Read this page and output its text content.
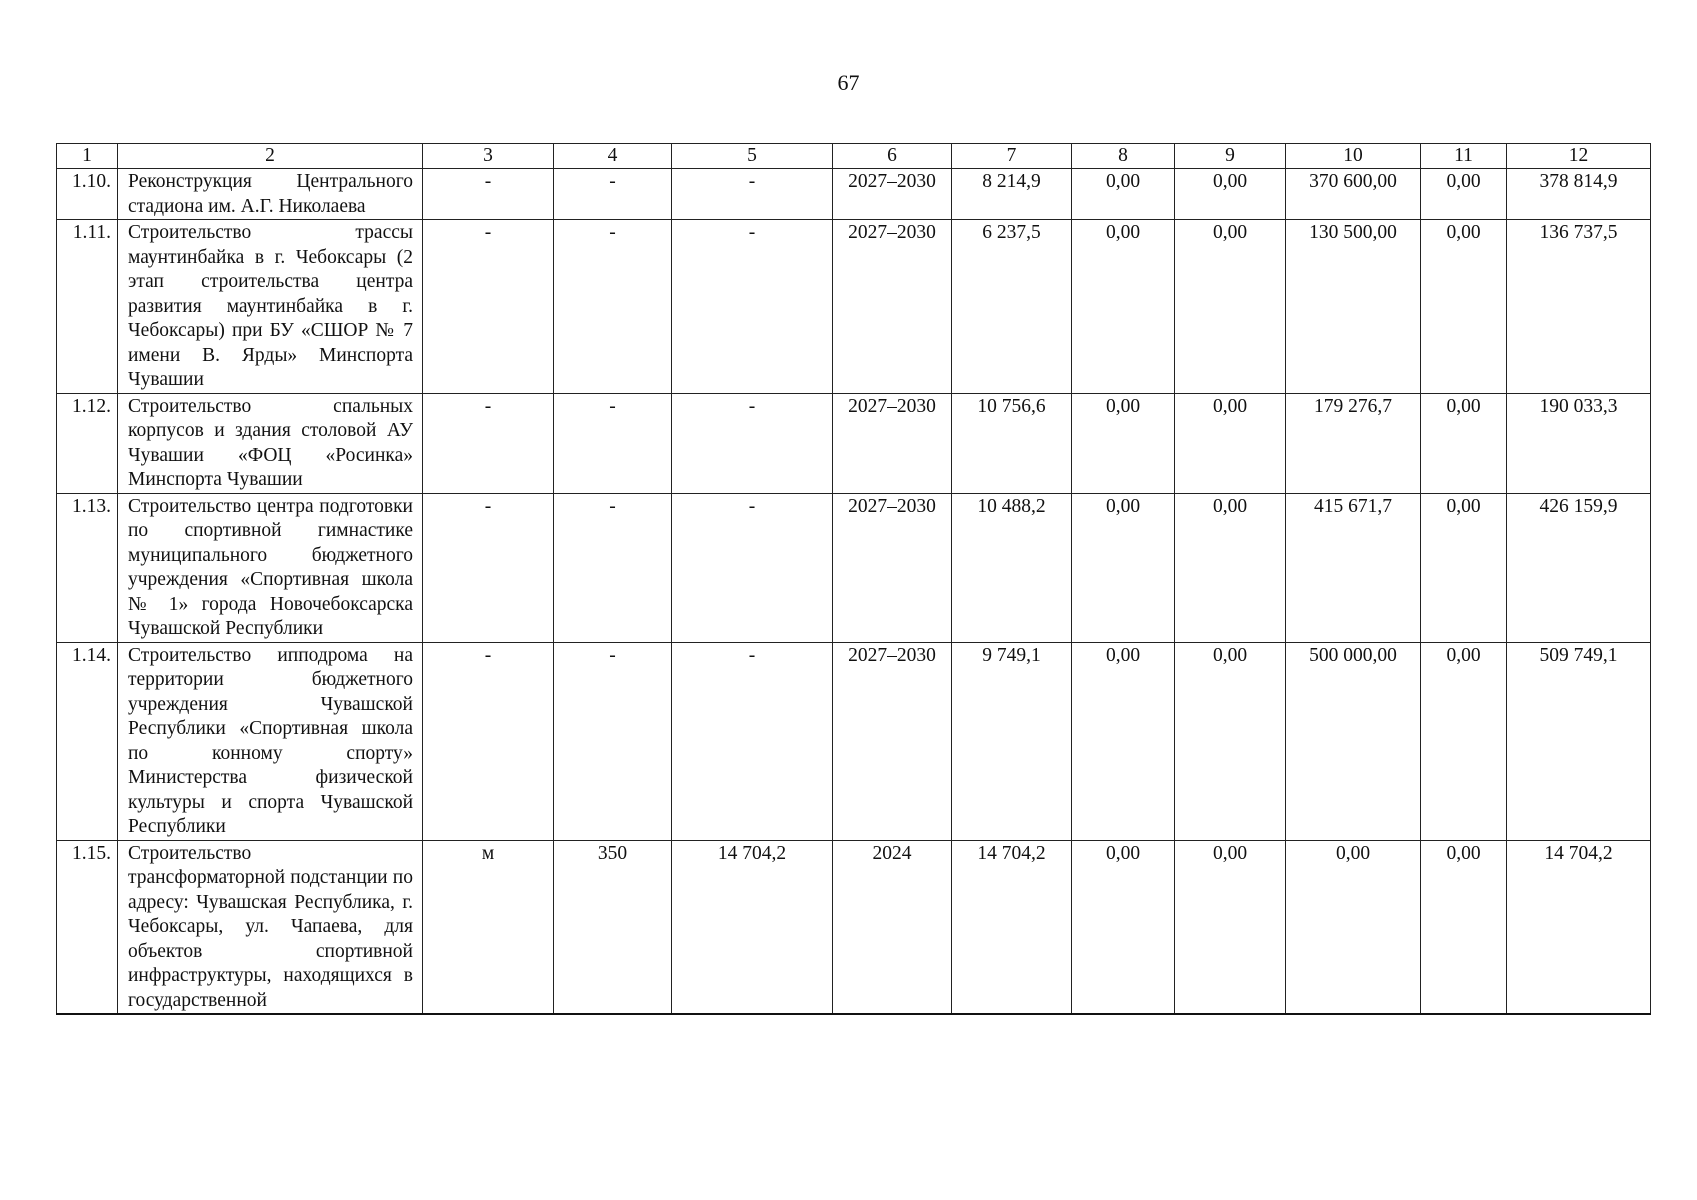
67
1	2	3	4	5	6	7	8	9	10	11	12
1.10.	Реконструкция Центрального стадиона им. А.Г. Николаева	-	-	-	2027–2030	8 214,9	0,00	0,00	370 600,00	0,00	378 814,9
1.11.	Строительство трассы маунтинбайка в г. Чебоксары (2 этап строительства центра развития маунтинбайка в г. Чебоксары) при БУ «СШОР № 7 имени В. Ярды» Минспорта Чувашии	-	-	-	2027–2030	6 237,5	0,00	0,00	130 500,00	0,00	136 737,5
1.12.	Строительство спальных корпусов и здания столовой АУ Чувашии «ФОЦ «Росинка» Минспорта Чувашии	-	-	-	2027–2030	10 756,6	0,00	0,00	179 276,7	0,00	190 033,3
1.13.	Строительство центра подготовки по спортивной гимнастике муниципального бюджетного учреждения «Спортивная школа № 1» города Новочебоксарска Чувашской Республики	-	-	-	2027–2030	10 488,2	0,00	0,00	415 671,7	0,00	426 159,9
1.14.	Строительство ипподрома на территории бюджетного учреждения Чувашской Республики «Спортивная школа по конному спорту» Министерства физической культуры и спорта Чувашской Республики	-	-	-	2027–2030	9 749,1	0,00	0,00	500 000,00	0,00	509 749,1
1.15.	Строительство трансформаторной подстанции по адресу: Чувашская Республика, г. Чебоксары, ул. Чапаева, для объектов спортивной инфраструктуры, находящихся в государственной	м	350	14 704,2	2024	14 704,2	0,00	0,00	0,00	0,00	14 704,2
